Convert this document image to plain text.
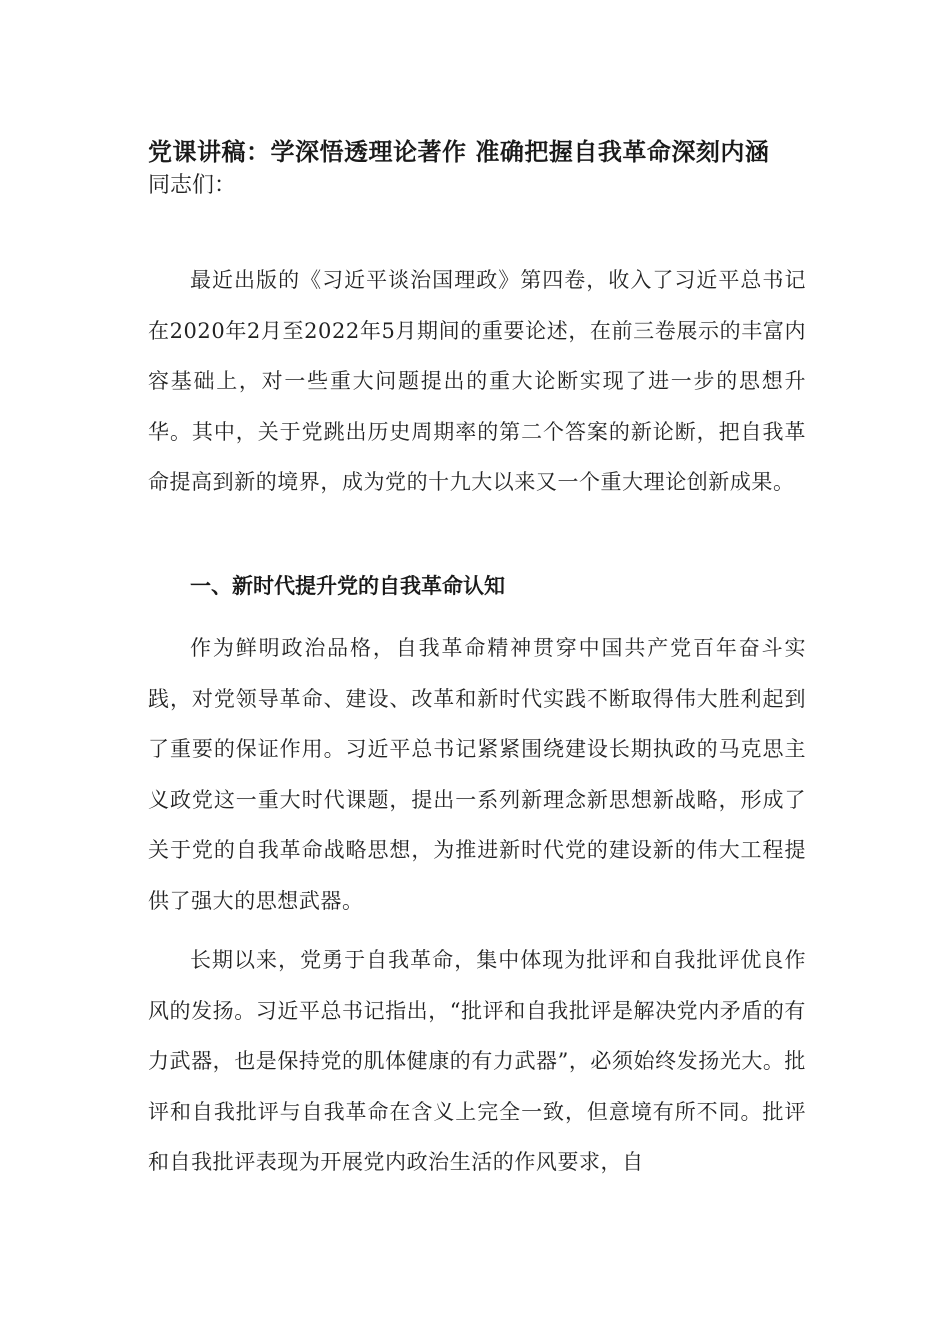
党课讲稿：学深悟透理论著作 准确把握自我革命深刻内涵
同志们：
最近出版的《习近平谈治国理政》第四卷，收入了习近平总书记在2020年2月至2022年5月期间的重要论述，在前三卷展示的丰富内容基础上，对一些重大问题提出的重大论断实现了进一步的思想升华。其中，关于党跳出历史周期率的第二个答案的新论断，把自我革命提高到新的境界，成为党的十九大以来又一个重大理论创新成果。
一、新时代提升党的自我革命认知
作为鲜明政治品格，自我革命精神贯穿中国共产党百年奋斗实践，对党领导革命、建设、改革和新时代实践不断取得伟大胜利起到了重要的保证作用。习近平总书记紧紧围绕建设长期执政的马克思主义政党这一重大时代课题，提出一系列新理念新思想新战略，形成了关于党的自我革命战略思想，为推进新时代党的建设新的伟大工程提供了强大的思想武器。
长期以来，党勇于自我革命，集中体现为批评和自我批评优良作风的发扬。习近平总书记指出，“批评和自我批评是解决党内矛盾的有力武器，也是保持党的肌体健康的有力武器”，必须始终发扬光大。批评和自我批评与自我革命在含义上完全一致，但意境有所不同。批评和自我批评表现为开展党内政治生活的作风要求，自
